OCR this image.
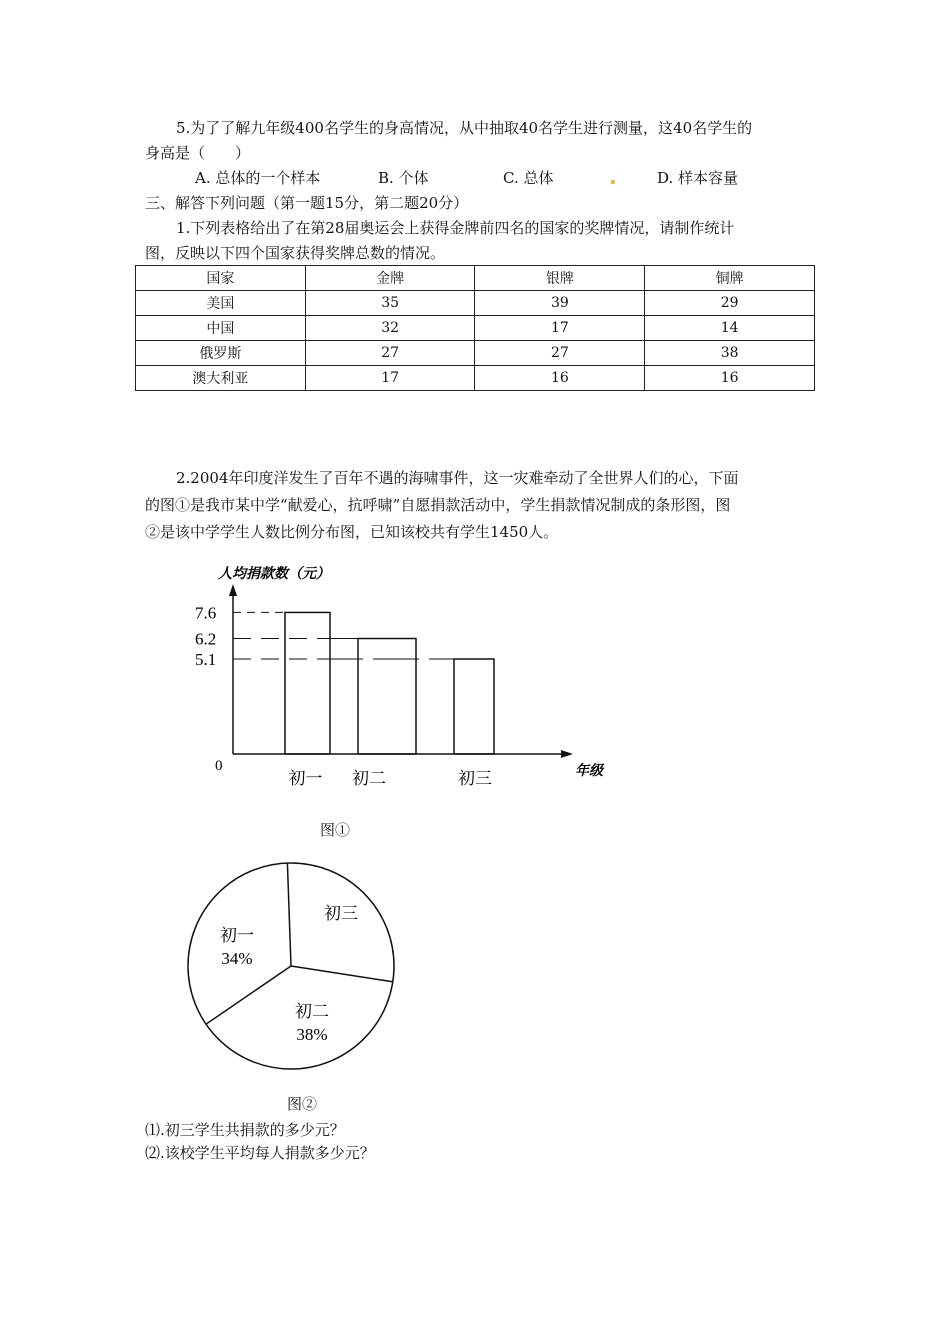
5.为了了解九年级400名学生的身高情况，从中抽取40名学生进行测量，这40名学生的
身高是（　　）
A. 总体的一个样本	B. 个体	C. 总体	D. 样本容量
三、解答下列问题（第一题15分，第二题20分）
1.下列表格给出了在第28届奥运会上获得金牌前四名的国家的奖牌情况，请制作统计
图，反映以下四个国家获得奖牌总数的情况。
国家	金牌	银牌	铜牌
美国	35	39	29
中国	32	17	14
俄罗斯	27	27	38
澳大利亚	17	16	16
2.2004年印度洋发生了百年不遇的海啸事件，这一灾难牵动了全世界人们的心，下面
的图①是我市某中学“献爱心，抗呼啸”自愿捐款活动中，学生捐款情况制成的条形图，图
②是该中学学生人数比例分布图，已知该校共有学生1450人。
人均捐款数（元）
0	年级
7.6
6.2
5.1
初一 初二	初三
图①
初一
34%
初二
38%
初三
图②
⑴.初三学生共捐款的多少元？
⑵.该校学生平均每人捐款多少元？
